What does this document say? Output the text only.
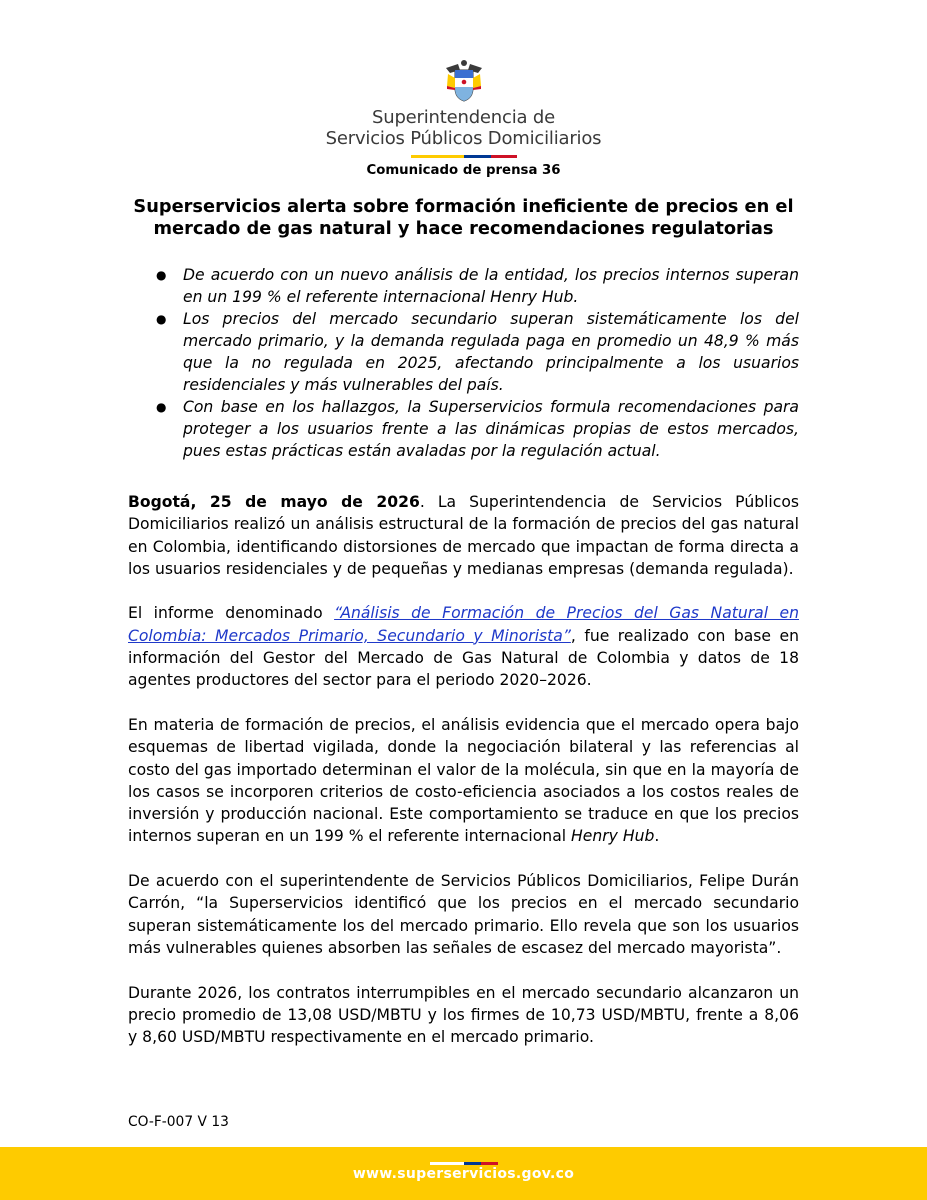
Superintendencia de
Servicios Públicos Domiciliarios
Comunicado de prensa 36
Superservicios alerta sobre formación ineficiente de precios en el mercado de gas natural y hace recomendaciones regulatorias
● De acuerdo con un nuevo análisis de la entidad, los precios internos superan en un 199 % el referente internacional Henry Hub.
● Los precios del mercado secundario superan sistemáticamente los del mercado primario, y la demanda regulada paga en promedio un 48,9 % más que la no regulada en 2025, afectando principalmente a los usuarios residenciales y más vulnerables del país.
● Con base en los hallazgos, la Superservicios formula recomendaciones para proteger a los usuarios frente a las dinámicas propias de estos mercados, pues estas prácticas están avaladas por la regulación actual.

Bogotá, 25 de mayo de 2026. La Superintendencia de Servicios Públicos Domiciliarios realizó un análisis estructural de la formación de precios del gas natural en Colombia, identificando distorsiones de mercado que impactan de forma directa a los usuarios residenciales y de pequeñas y medianas empresas (demanda regulada).

El informe denominado “Análisis de Formación de Precios del Gas Natural en Colombia: Mercados Primario, Secundario y Minorista”, fue realizado con base en información del Gestor del Mercado de Gas Natural de Colombia y datos de 18 agentes productores del sector para el periodo 2020–2026.

En materia de formación de precios, el análisis evidencia que el mercado opera bajo esquemas de libertad vigilada, donde la negociación bilateral y las referencias al costo del gas importado determinan el valor de la molécula, sin que en la mayoría de los casos se incorporen criterios de costo-eficiencia asociados a los costos reales de inversión y producción nacional. Este comportamiento se traduce en que los precios internos superan en un 199 % el referente internacional Henry Hub.

De acuerdo con el superintendente de Servicios Públicos Domiciliarios, Felipe Durán Carrón, “la Superservicios identificó que los precios en el mercado secundario superan sistemáticamente los del mercado primario. Ello revela que son los usuarios más vulnerables quienes absorben las señales de escasez del mercado mayorista”.

Durante 2026, los contratos interrumpibles en el mercado secundario alcanzaron un precio promedio de 13,08 USD/MBTU y los firmes de 10,73 USD/MBTU, frente a 8,06 y 8,60 USD/MBTU respectivamente en el mercado primario.

CO-F-007 V 13
www.superservicios.gov.co
